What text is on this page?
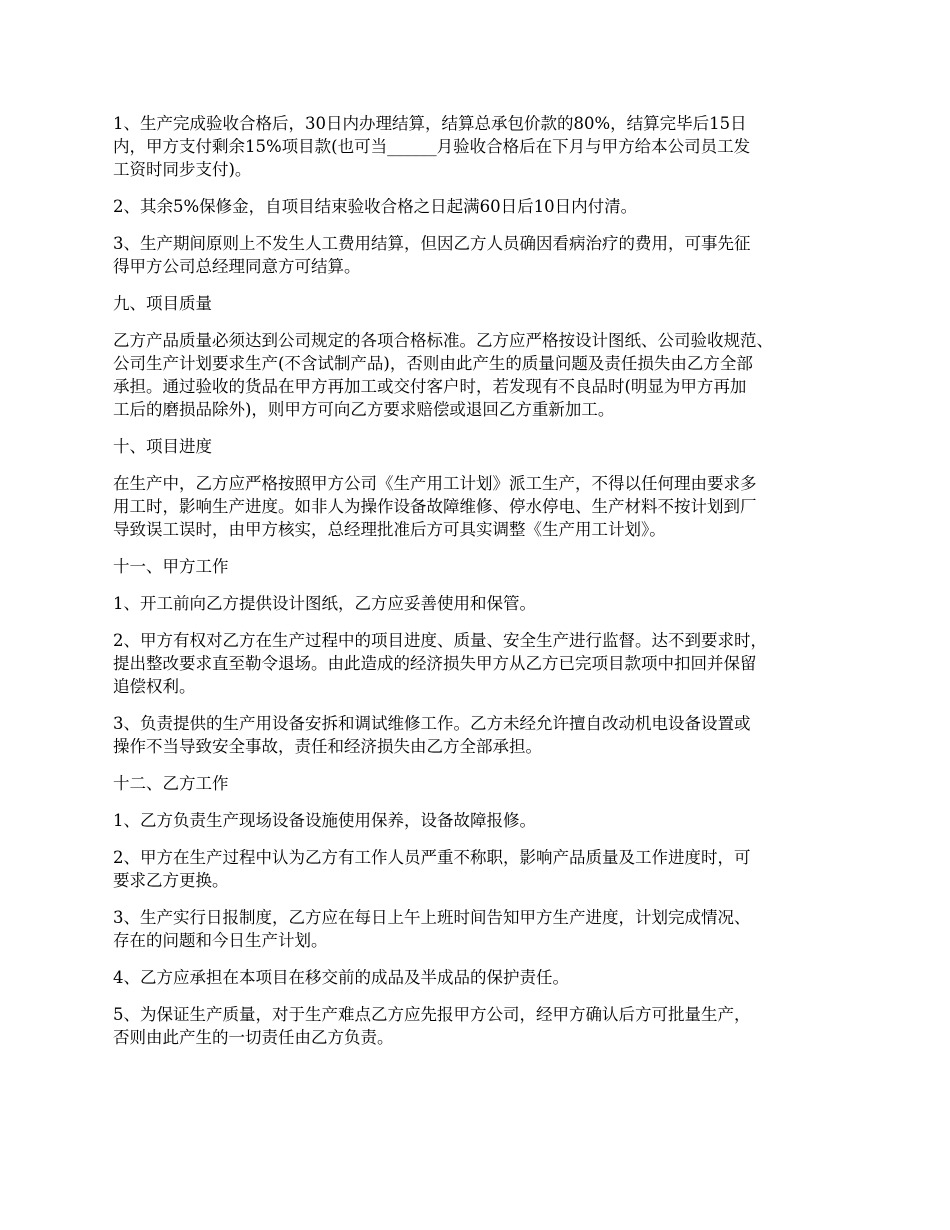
1、生产完成验收合格后，30日内办理结算，结算总承包价款的80%，结算完毕后15日
内，甲方支付剩余15%项目款(也可当______月验收合格后在下月与甲方给本公司员工发
工资时同步支付)。

2、其余5%保修金，自项目结束验收合格之日起满60日后10日内付清。

3、生产期间原则上不发生人工费用结算，但因乙方人员确因看病治疗的费用，可事先征
得甲方公司总经理同意方可结算。

九、项目质量

乙方产品质量必须达到公司规定的各项合格标准。乙方应严格按设计图纸、公司验收规范、
公司生产计划要求生产(不含试制产品)，否则由此产生的质量问题及责任损失由乙方全部
承担。通过验收的货品在甲方再加工或交付客户时，若发现有不良品时(明显为甲方再加
工后的磨损品除外)，则甲方可向乙方要求赔偿或退回乙方重新加工。

十、项目进度

在生产中，乙方应严格按照甲方公司《生产用工计划》派工生产，不得以任何理由要求多
用工时，影响生产进度。如非人为操作设备故障维修、停水停电、生产材料不按计划到厂
导致误工误时，由甲方核实，总经理批准后方可具实调整《生产用工计划》。

十一、甲方工作

1、开工前向乙方提供设计图纸，乙方应妥善使用和保管。

2、甲方有权对乙方在生产过程中的项目进度、质量、安全生产进行监督。达不到要求时，
提出整改要求直至勒令退场。由此造成的经济损失甲方从乙方已完项目款项中扣回并保留
追偿权利。

3、负责提供的生产用设备安拆和调试维修工作。乙方未经允许擅自改动机电设备设置或
操作不当导致安全事故，责任和经济损失由乙方全部承担。

十二、乙方工作

1、乙方负责生产现场设备设施使用保养，设备故障报修。

2、甲方在生产过程中认为乙方有工作人员严重不称职，影响产品质量及工作进度时，可
要求乙方更换。

3、生产实行日报制度，乙方应在每日上午上班时间告知甲方生产进度，计划完成情况、
存在的问题和今日生产计划。

4、乙方应承担在本项目在移交前的成品及半成品的保护责任。

5、为保证生产质量，对于生产难点乙方应先报甲方公司，经甲方确认后方可批量生产，
否则由此产生的一切责任由乙方负责。
